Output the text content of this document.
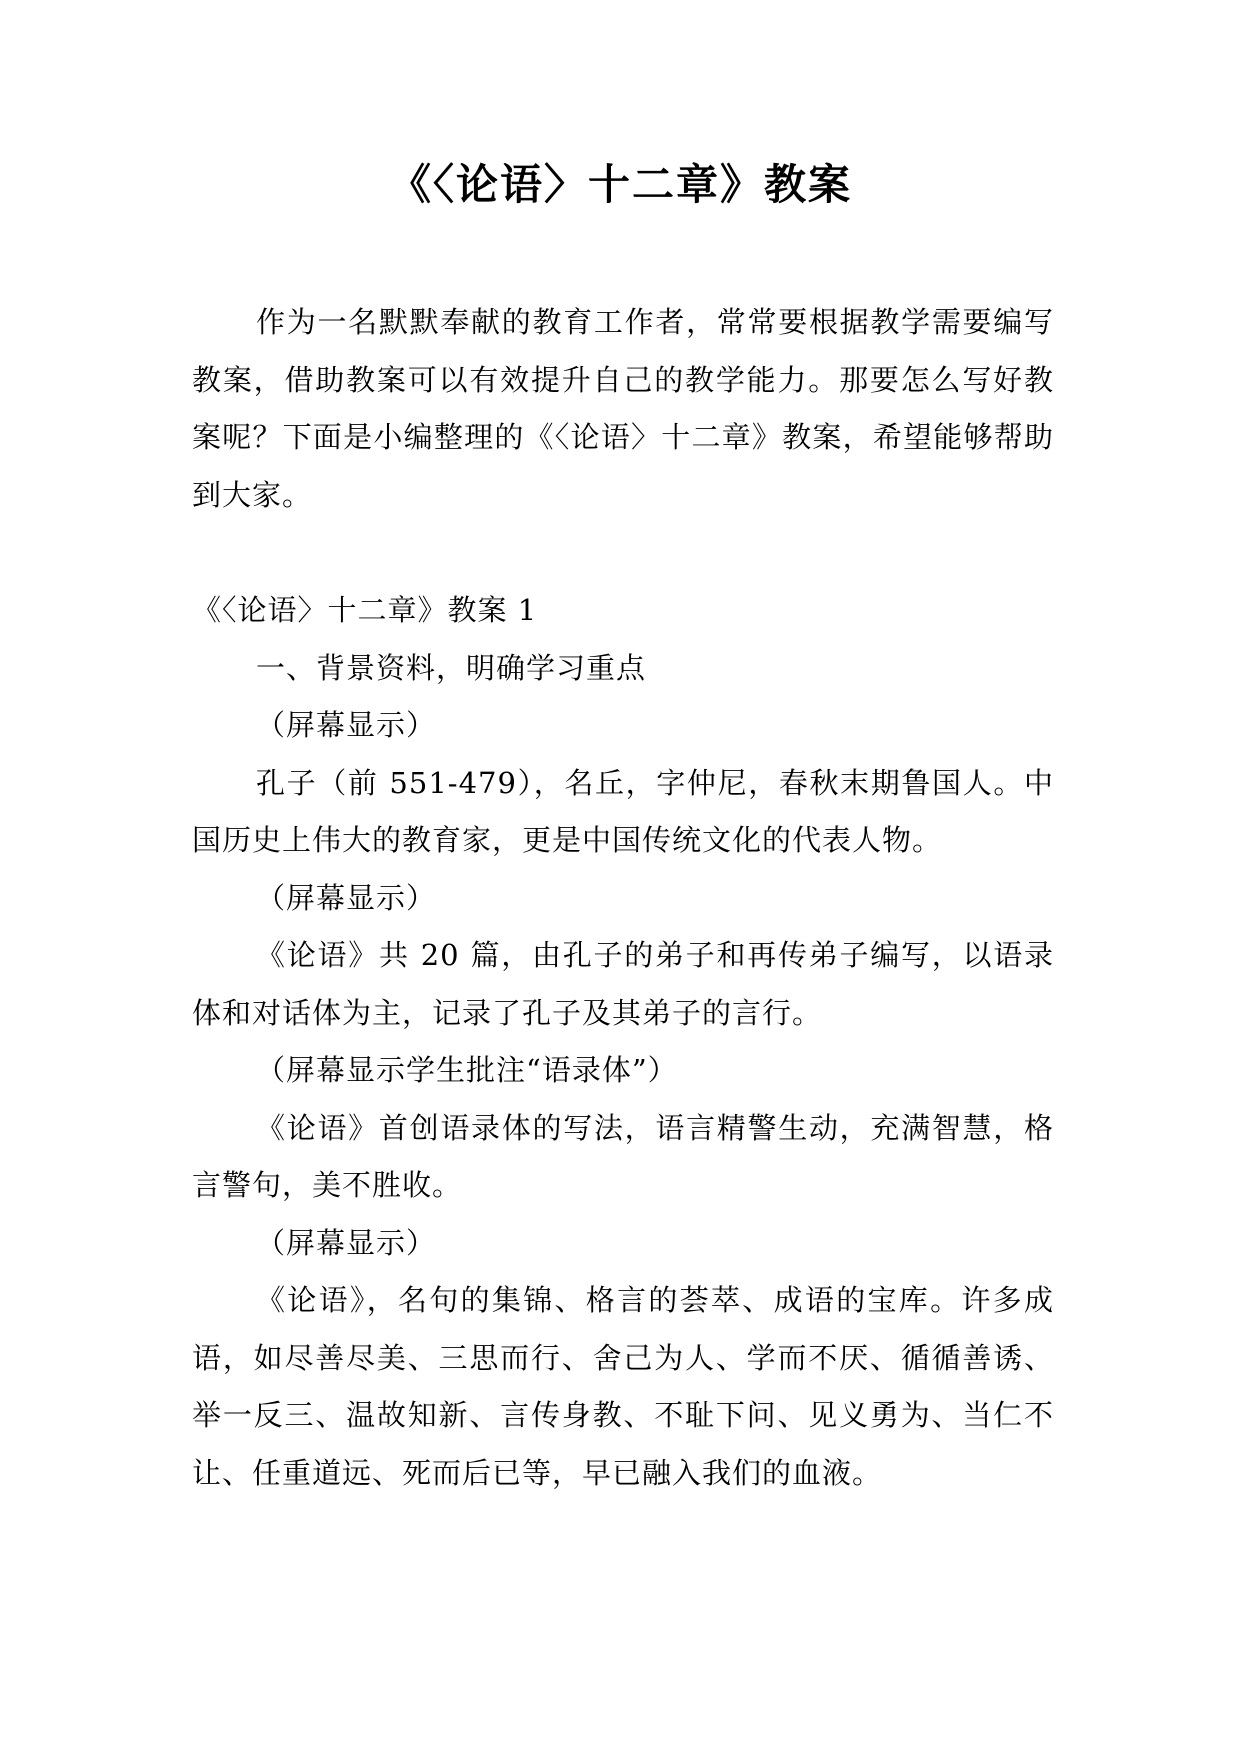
《〈论语〉十二章》教案

作为一名默默奉献的教育工作者，常常要根据教学需要编写教案，借助教案可以有效提升自己的教学能力。那要怎么写好教案呢？下面是小编整理的《〈论语〉十二章》教案，希望能够帮助到大家。

《〈论语〉十二章》教案 1

一、背景资料，明确学习重点

（屏幕显示）

孔子（前 551-479），名丘，字仲尼，春秋末期鲁国人。中国历史上伟大的教育家，更是中国传统文化的代表人物。

（屏幕显示）

《论语》共 20 篇，由孔子的弟子和再传弟子编写，以语录体和对话体为主，记录了孔子及其弟子的言行。

（屏幕显示学生批注“语录体”）

《论语》首创语录体的写法，语言精警生动，充满智慧，格言警句，美不胜收。

（屏幕显示）

《论语》，名句的集锦、格言的荟萃、成语的宝库。许多成语，如尽善尽美、三思而行、舍己为人、学而不厌、循循善诱、举一反三、温故知新、言传身教、不耻下问、见义勇为、当仁不让、任重道远、死而后已等，早已融入我们的血液。
